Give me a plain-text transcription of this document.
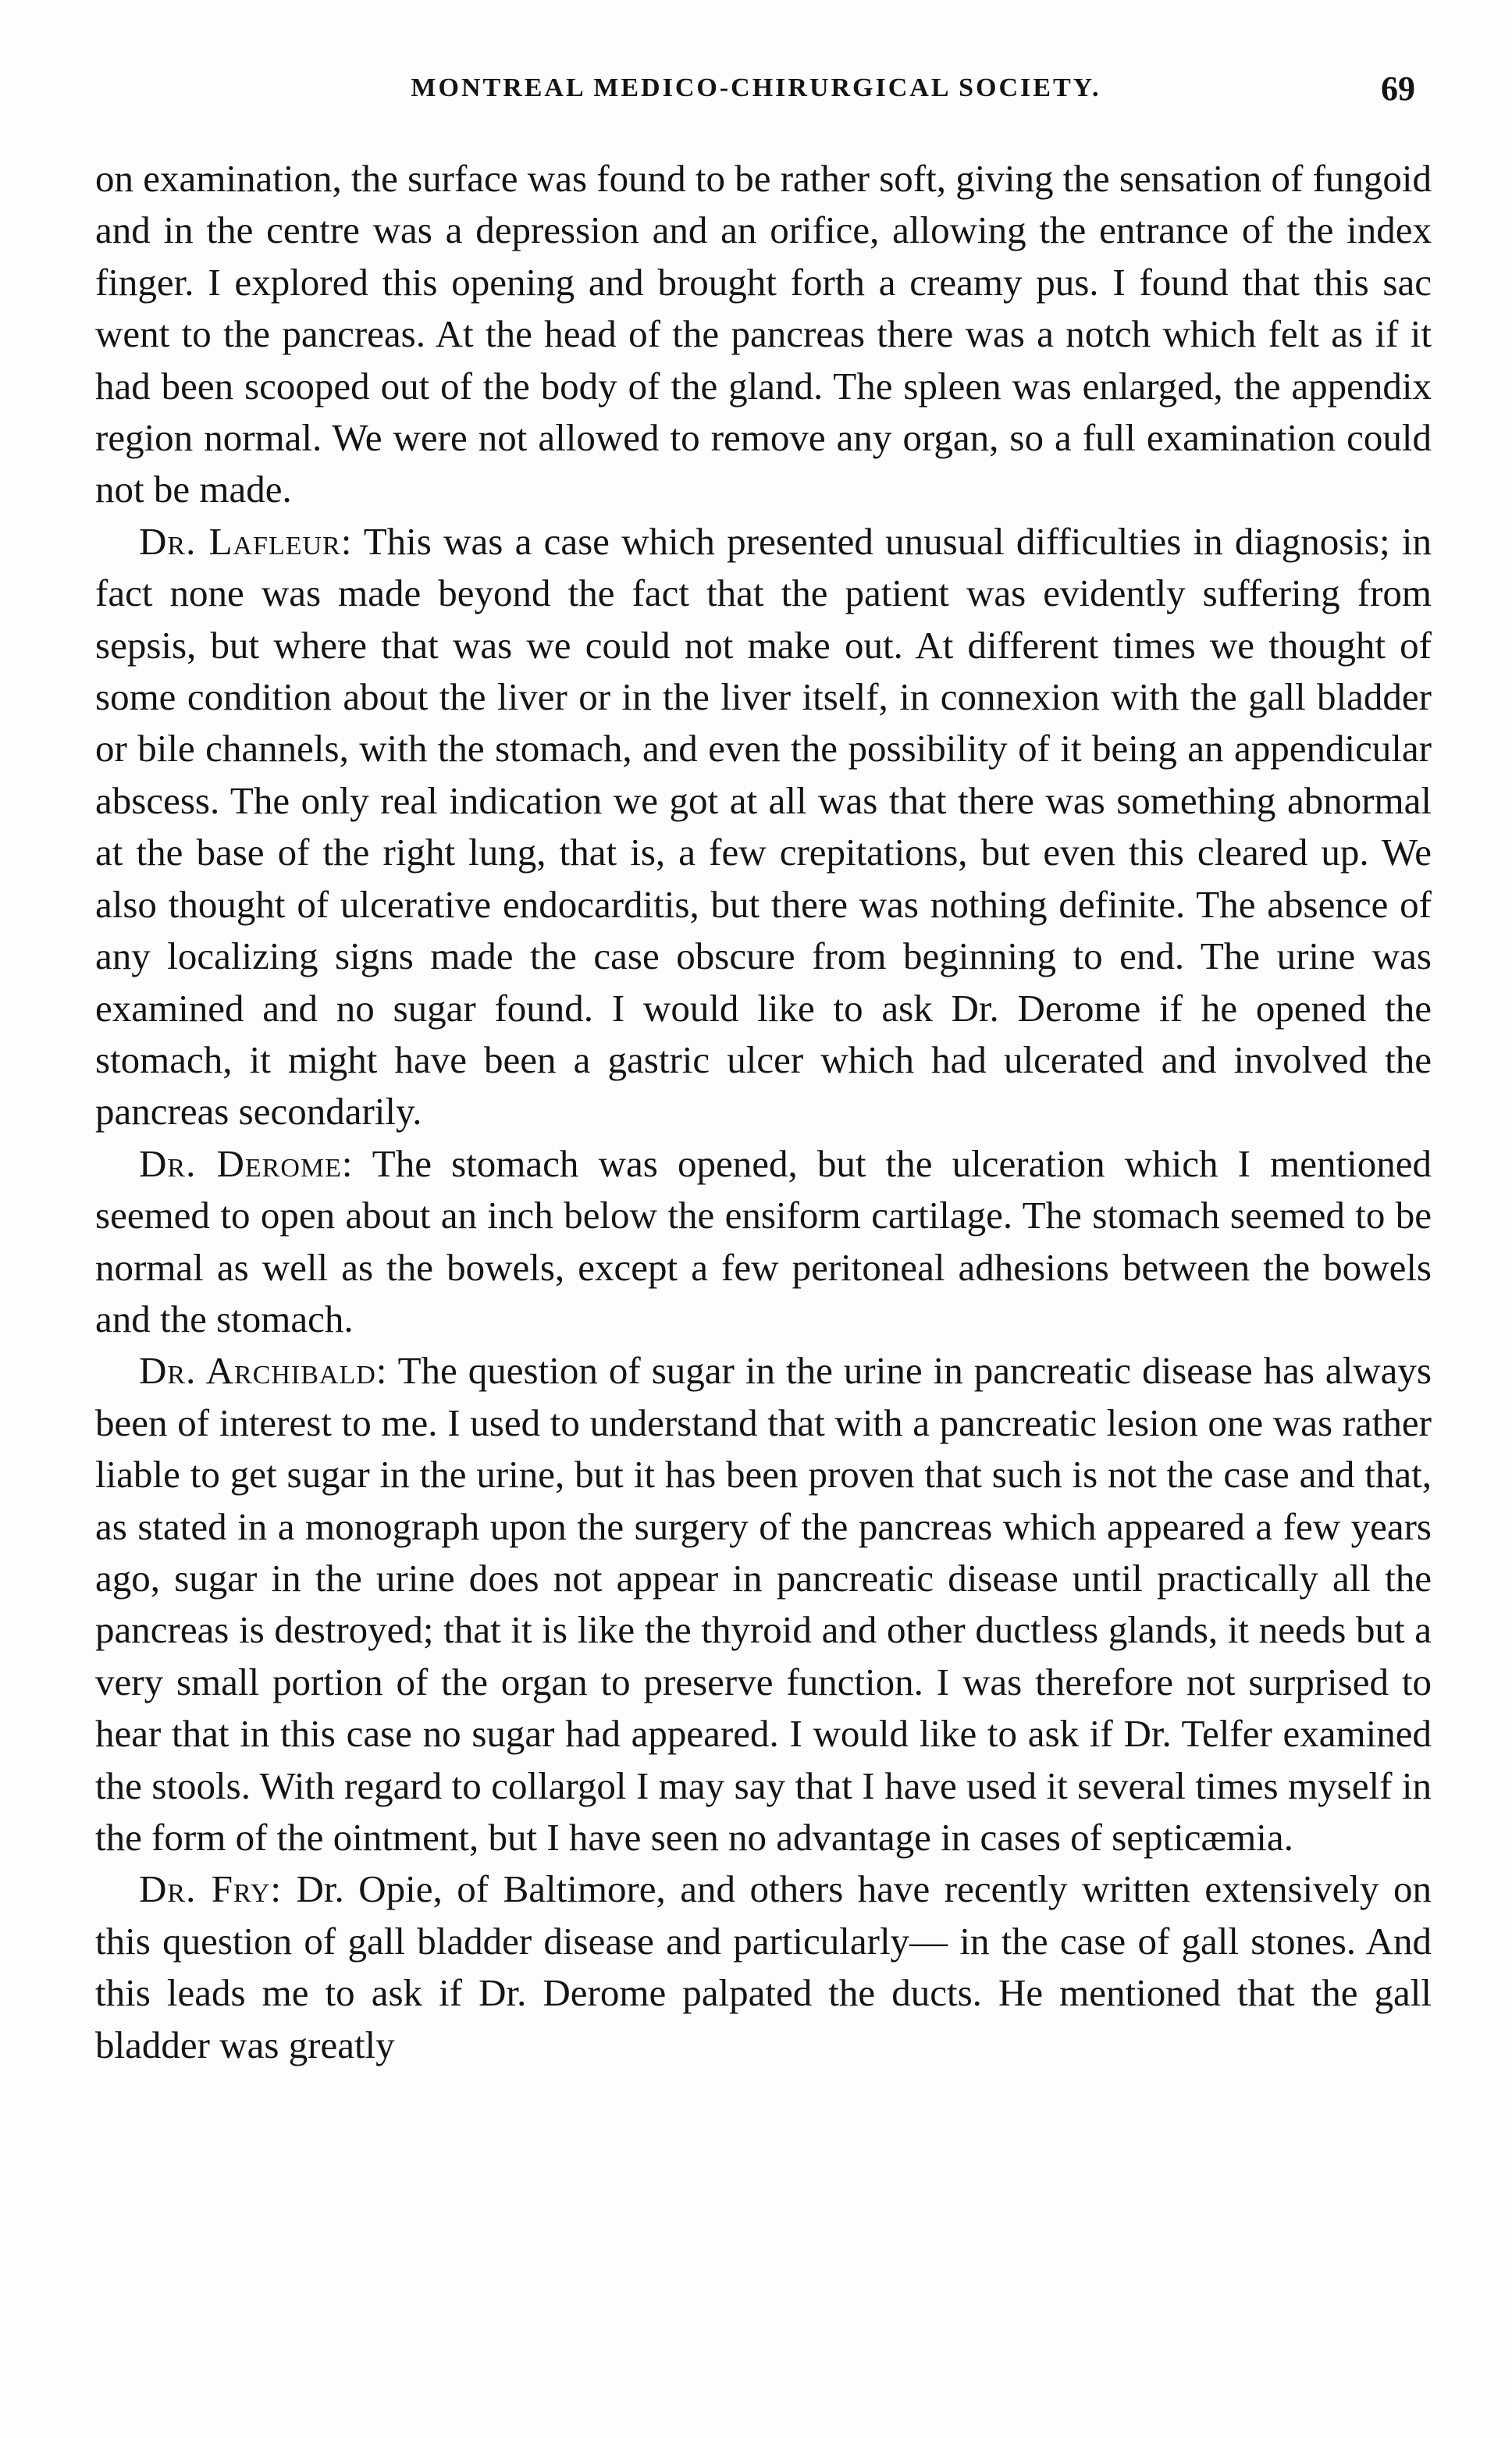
MONTREAL MEDICO-CHIRURGICAL SOCIETY.	69

on examination, the surface was found to be rather soft, giving the sensation of fungoid and in the centre was a depression and an orifice, allowing the entrance of the index finger. I explored this opening and brought forth a creamy pus. I found that this sac went to the pancreas. At the head of the pancreas there was a notch which felt as if it had been scooped out of the body of the gland. The spleen was enlarged, the appendix region normal. We were not allowed to remove any organ, so a full examination could not be made.

Dr. Lafleur: This was a case which presented unusual difficulties in diagnosis; in fact none was made beyond the fact that the patient was evidently suffering from sepsis, but where that was we could not make out. At different times we thought of some condition about the liver or in the liver itself, in connexion with the gall bladder or bile channels, with the stomach, and even the possibility of it being an appendicular abscess. The only real indication we got at all was that there was something abnormal at the base of the right lung, that is, a few crepitations, but even this cleared up. We also thought of ulcerative endocarditis, but there was nothing definite. The absence of any localizing signs made the case obscure from beginning to end. The urine was examined and no sugar found. I would like to ask Dr. Derome if he opened the stomach, it might have been a gastric ulcer which had ulcerated and involved the pancreas secondarily.

Dr. Derome: The stomach was opened, but the ulceration which I mentioned seemed to open about an inch below the ensiform cartilage. The stomach seemed to be normal as well as the bowels, except a few peritoneal adhesions between the bowels and the stomach.

Dr. Archibald: The question of sugar in the urine in pancreatic disease has always been of interest to me. I used to understand that with a pancreatic lesion one was rather liable to get sugar in the urine, but it has been proven that such is not the case and that, as stated in a monograph upon the surgery of the pancreas which appeared a few years ago, sugar in the urine does not appear in pancreatic disease until practically all the pancreas is destroyed; that it is like the thyroid and other ductless glands, it needs but a very small portion of the organ to preserve function. I was therefore not surprised to hear that in this case no sugar had appeared. I would like to ask if Dr. Telfer examined the stools. With regard to collargol I may say that I have used it several times myself in the form of the ointment, but I have seen no advantage in cases of septicæmia.

Dr. Fry: Dr. Opie, of Baltimore, and others have recently written extensively on this question of gall bladder disease and particularly— in the case of gall stones. And this leads me to ask if Dr. Derome palpated the ducts. He mentioned that the gall bladder was greatly
